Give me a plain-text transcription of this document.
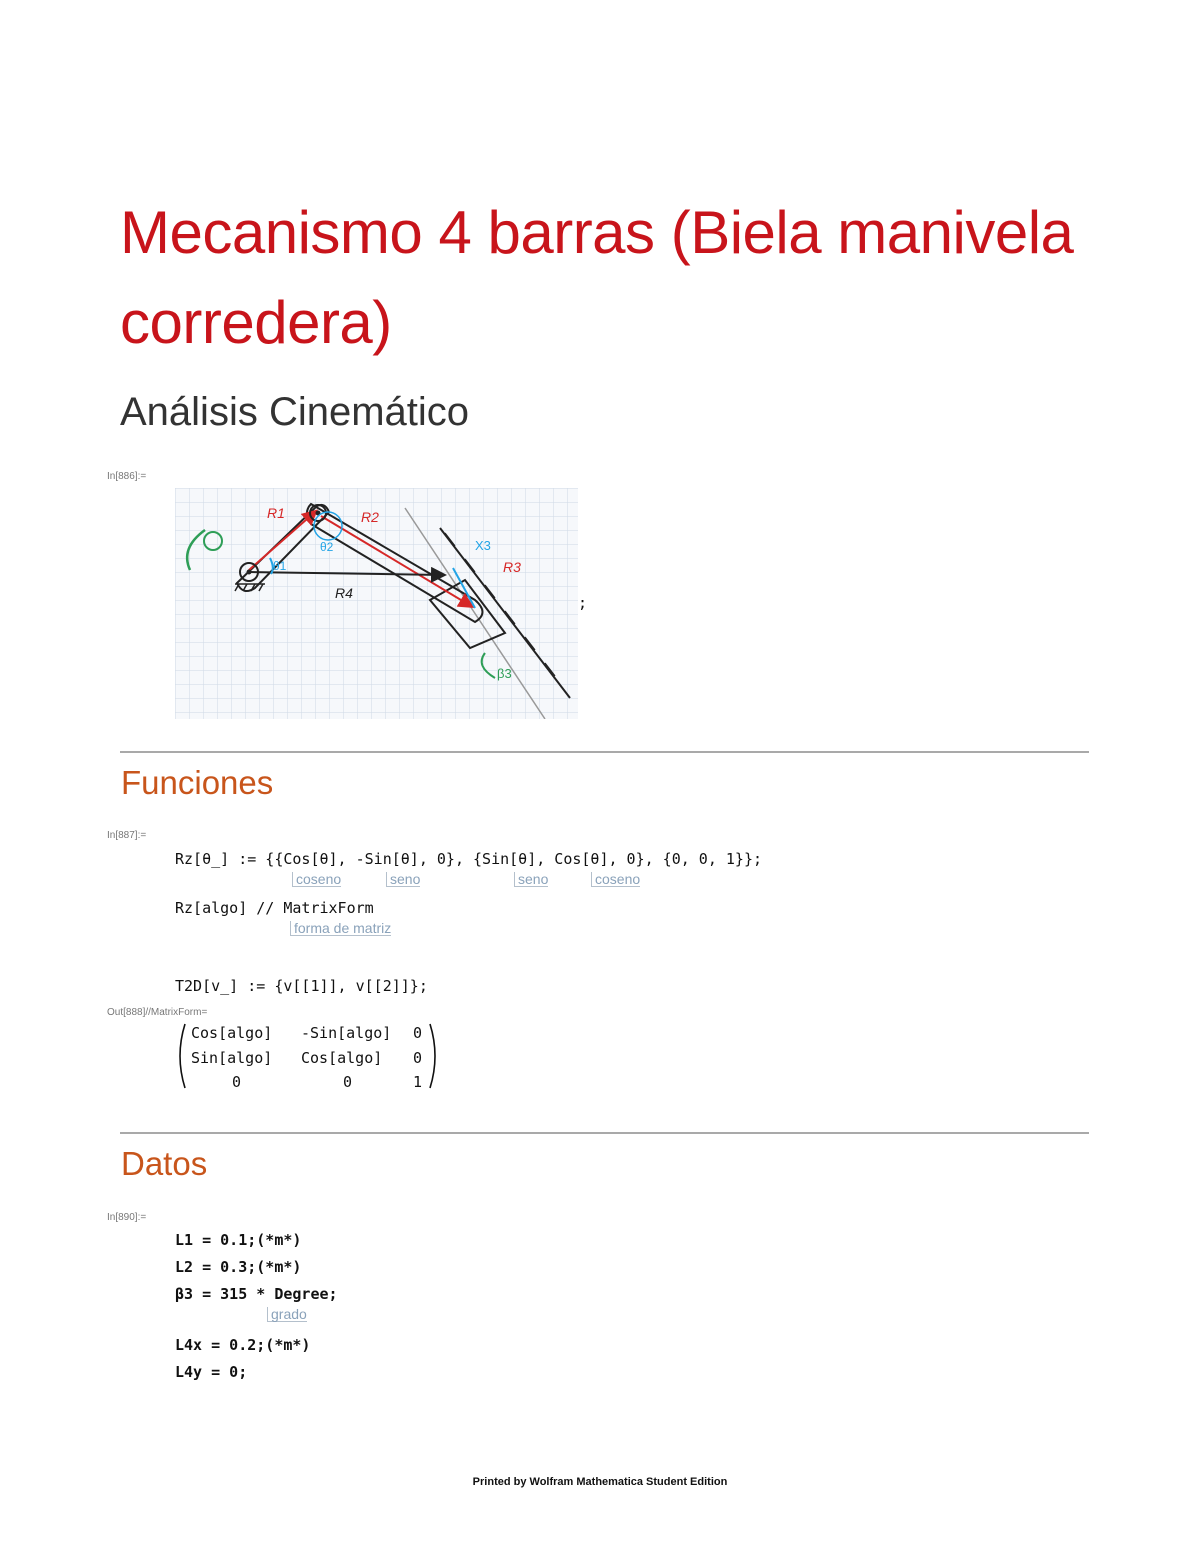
Mecanismo 4 barras (Biela manivela corredera)
Análisis Cinemático
In[886]:=
R1	R2
R3
R4
θ1
θ2	X3
β3
;
Funciones
In[887]:=
Rz[θ_] := {{Cos[θ], -Sin[θ], 0}, {Sin[θ], Cos[θ], 0}, {0, 0, 1}};
coseno	seno	seno	coseno
Rz[algo] // MatrixForm
forma de matriz
T2D[v_] := {v[[1]], v[[2]]};
Out[888]//MatrixForm=
Cos[algo] -Sin[algo] 0
Sin[algo] Cos[algo] 0
0	0	1
Datos
In[890]:=
L1 = 0.1;(*m*)
L2 = 0.3;(*m*)
β3 = 315 * Degree;
grado
L4x = 0.2;(*m*)
L4y = 0;
Printed by Wolfram Mathematica Student Edition
